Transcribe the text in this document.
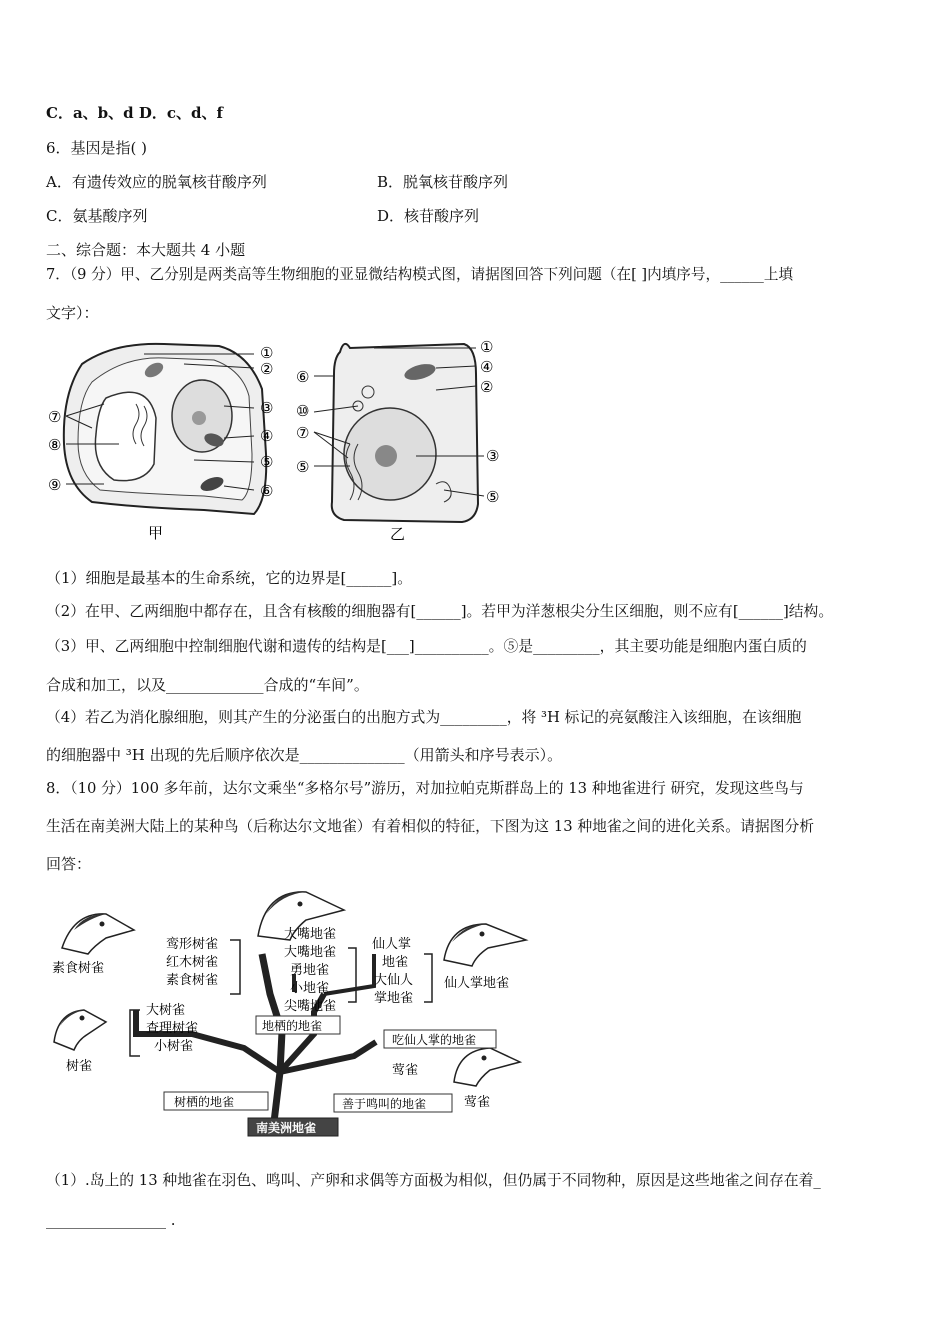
C．a、b、d D．c、d、f
6．基因是指( )
A．有遗传效应的脱氧核苷酸序列	B．脱氧核苷酸序列
C．氨基酸序列	D．核苷酸序列
二、综合题：本大题共 4 小题
7．（9 分）甲、乙分别是两类高等生物细胞的亚显微结构模式图，请据图回答下列问题（在[ ]内填序号，______上填
文字）：
①
②
③
④
⑤
⑥
⑦
⑧
⑨
甲
①
④
②
⑥
⑩
⑦
③
⑤
⑤
乙
（1）细胞是最基本的生命系统，它的边界是[______]。
（2）在甲、乙两细胞中都存在，且含有核酸的细胞器有[______]。若甲为洋葱根尖分生区细胞，则不应有[______]结构。
（3）甲、乙两细胞中控制细胞代谢和遗传的结构是[___]__________。⑤是_________，其主要功能是细胞内蛋白质的
合成和加工，以及_____________合成的“车间”。
（4）若乙为消化腺细胞，则其产生的分泌蛋白的出胞方式为_________，将 ³H 标记的亮氨酸注入该细胞，在该细胞
的细胞器中 ³H 出现的先后顺序依次是______________（用箭头和序号表示）。
8．（10 分）100 多年前，达尔文乘坐“多格尔号”游历，对加拉帕克斯群岛上的 13 种地雀进行 研究，发现这些鸟与
生活在南美洲大陆上的某种鸟（后称达尔文地雀）有着相似的特征，下图为这 13 种地雀之间的进化关系。请据图分析
回答：
素食树雀
树雀
仙人掌地雀
莺雀
鸾形树雀
红木树雀
素食树雀
大树雀
查理树雀
小树雀
大嘴地雀
大嘴地雀
勇地雀
小地雀
尖嘴地雀
仙人掌
地雀
大仙人
掌地雀
莺雀
地栖的地雀
吃仙人掌的地雀
树栖的地雀	善于鸣叫的地雀
南美洲地雀
（1）.岛上的 13 种地雀在羽色、鸣叫、产卵和求偶等方面极为相似，但仍属于不同物种，原因是这些地雀之间存在着_
________________ .
